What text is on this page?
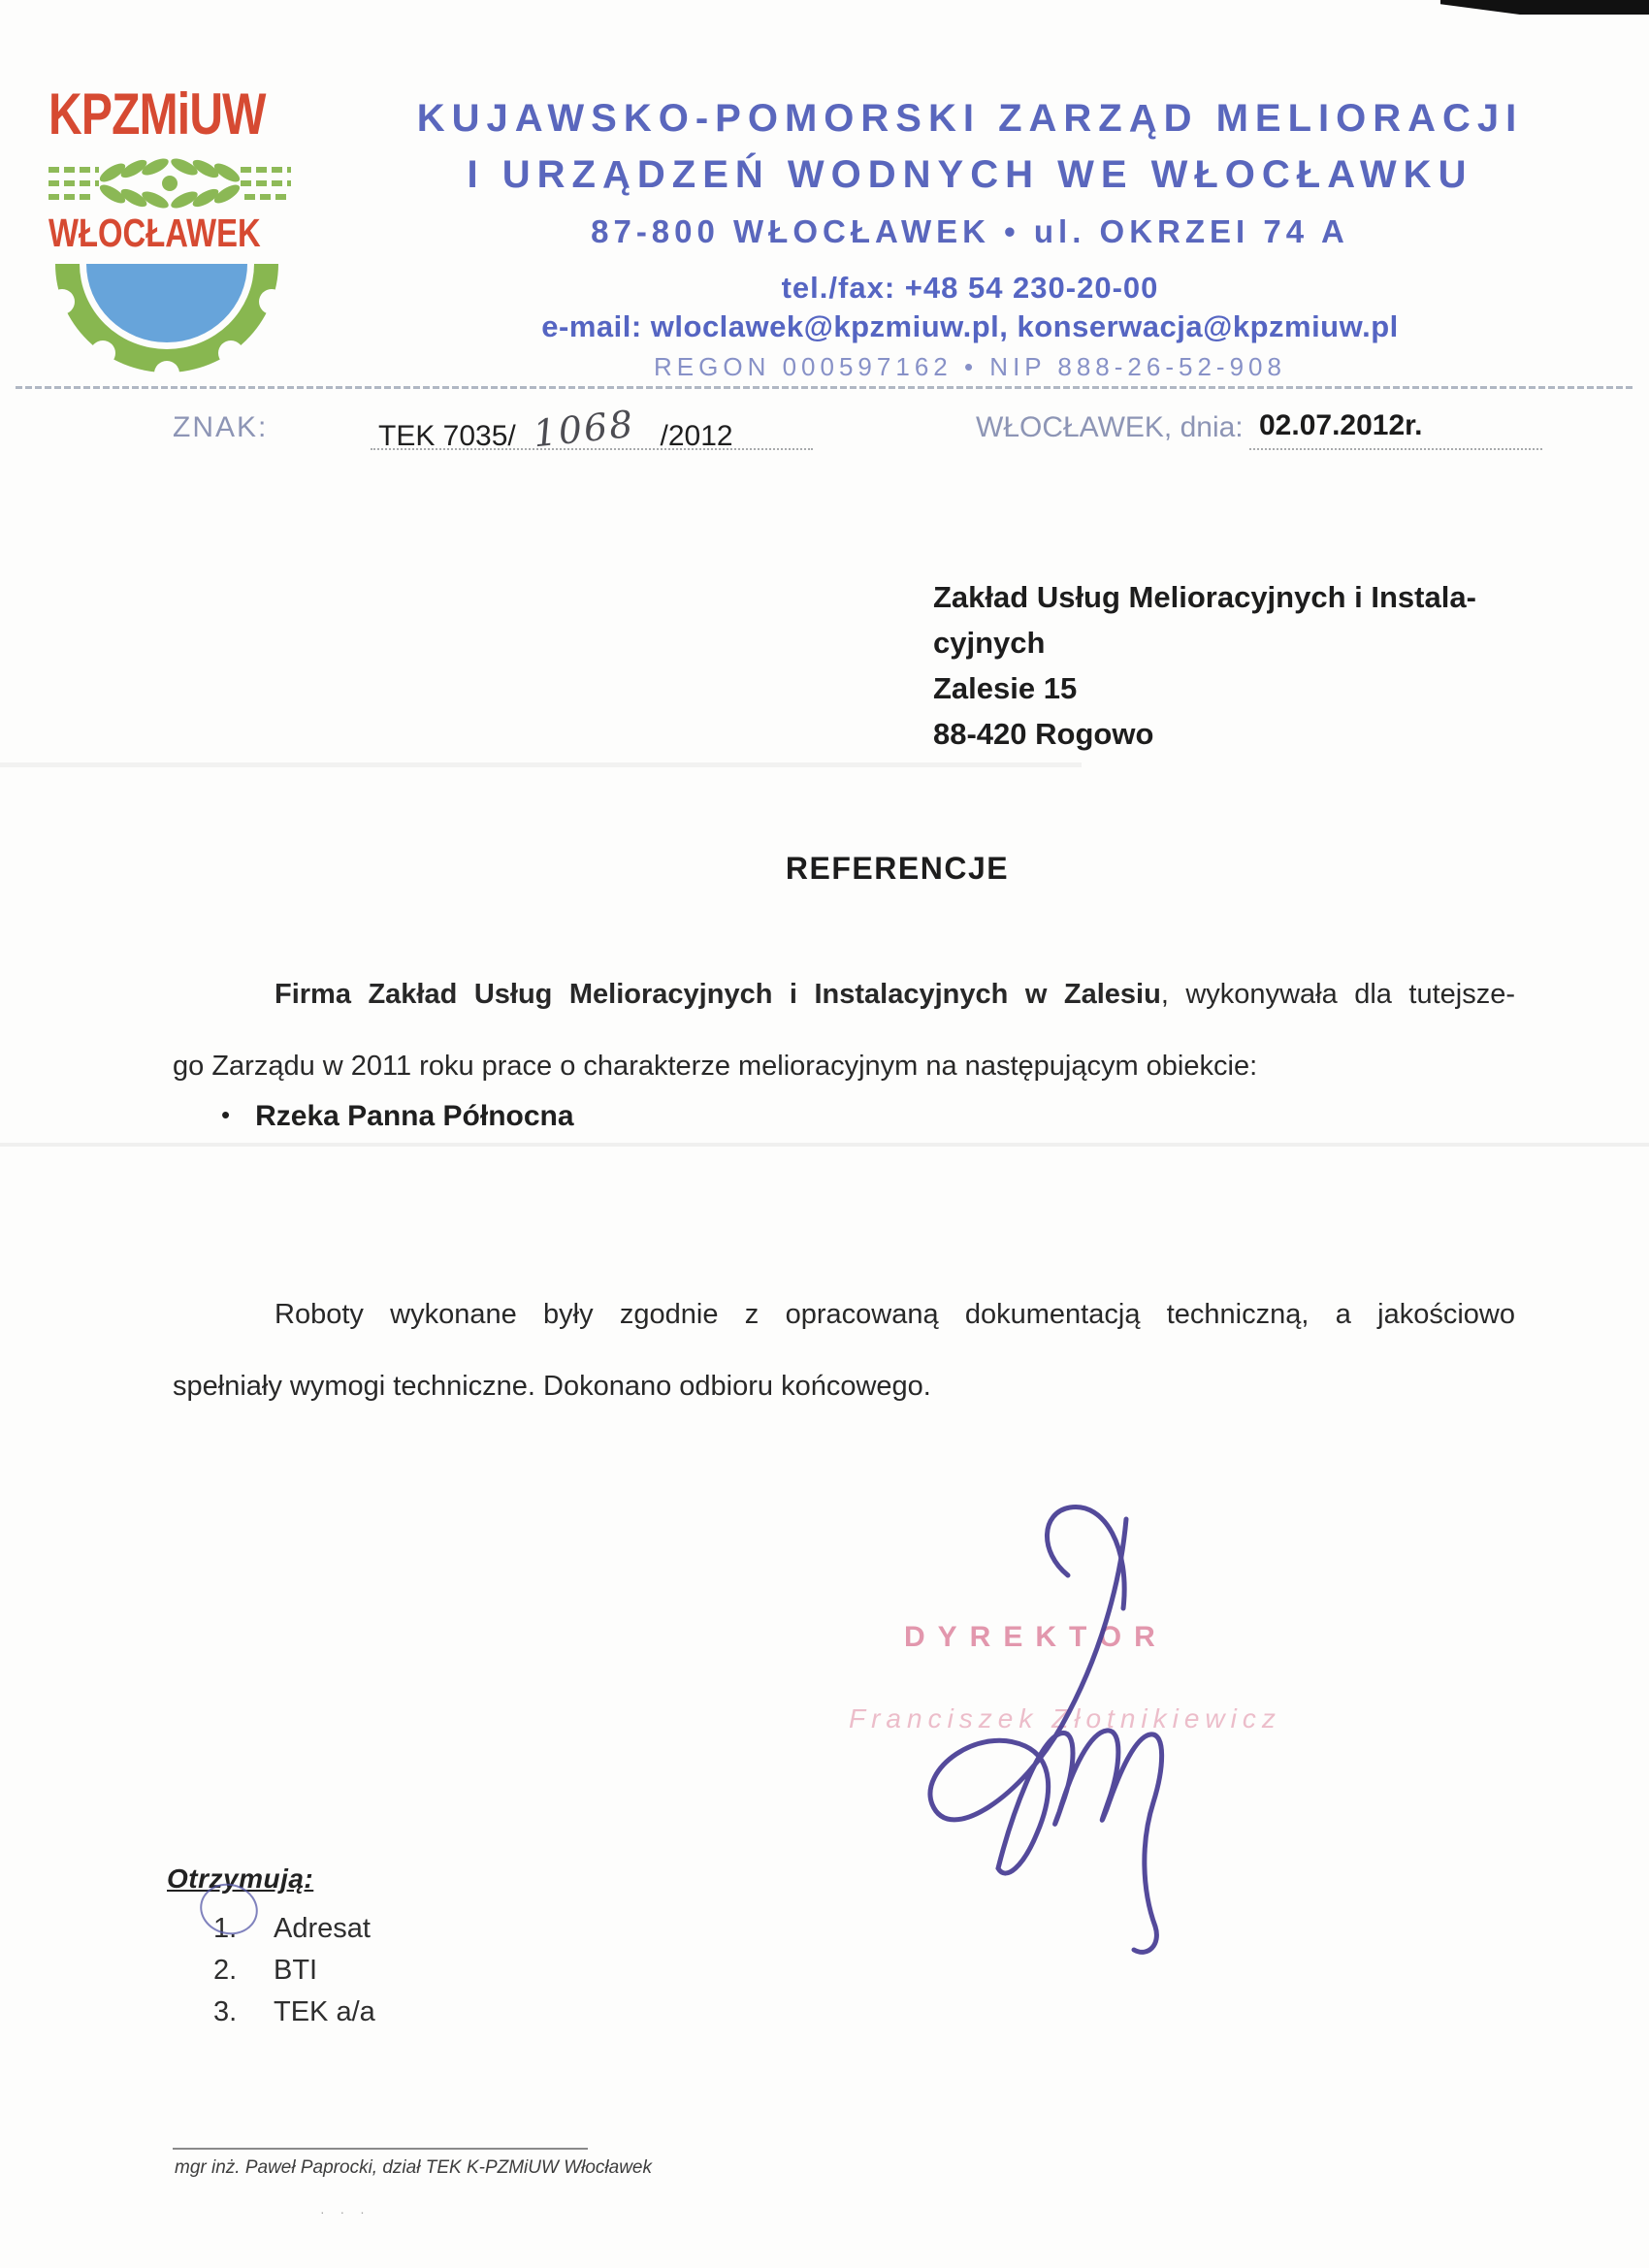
KPZMiUW
WŁOCŁAWEK
KUJAWSKO-POMORSKI ZARZĄD MELIORACJI
I URZĄDZEŃ WODNYCH WE WŁOCŁAWKU
87-800 WŁOCŁAWEK • ul. OKRZEI 74 A
tel./fax: +48 54 230-20-00
e-mail: wloclawek@kpzmiuw.pl, konserwacja@kpzmiuw.pl
REGON 000597162 • NIP 888-26-52-908
ZNAK:	TEK 7035/ 1068 /2012	WŁOCŁAWEK, dnia: 02.07.2012r.
Zakład Usług Melioracyjnych i Instala-
cyjnych
Zalesie 15
88-420 Rogowo
REFERENCJE
Firma Zakład Usług Melioracyjnych i Instalacyjnych w Zalesiu, wykonywała dla tutejsze-
go Zarządu w 2011 roku prace o charakterze melioracyjnym na następującym obiekcie:
• Rzeka Panna Północna
Roboty wykonane były zgodnie z opracowaną dokumentacją techniczną, a jakościowo
spełniały wymogi techniczne. Dokonano odbioru końcowego.
DYREKTOR
Franciszek Złotnikiewicz
Otrzymują:
1. Adresat
2. BTI
3. TEK a/a
mgr inż. Paweł Paprocki, dział TEK K-PZMiUW Włocławek
· · ·
